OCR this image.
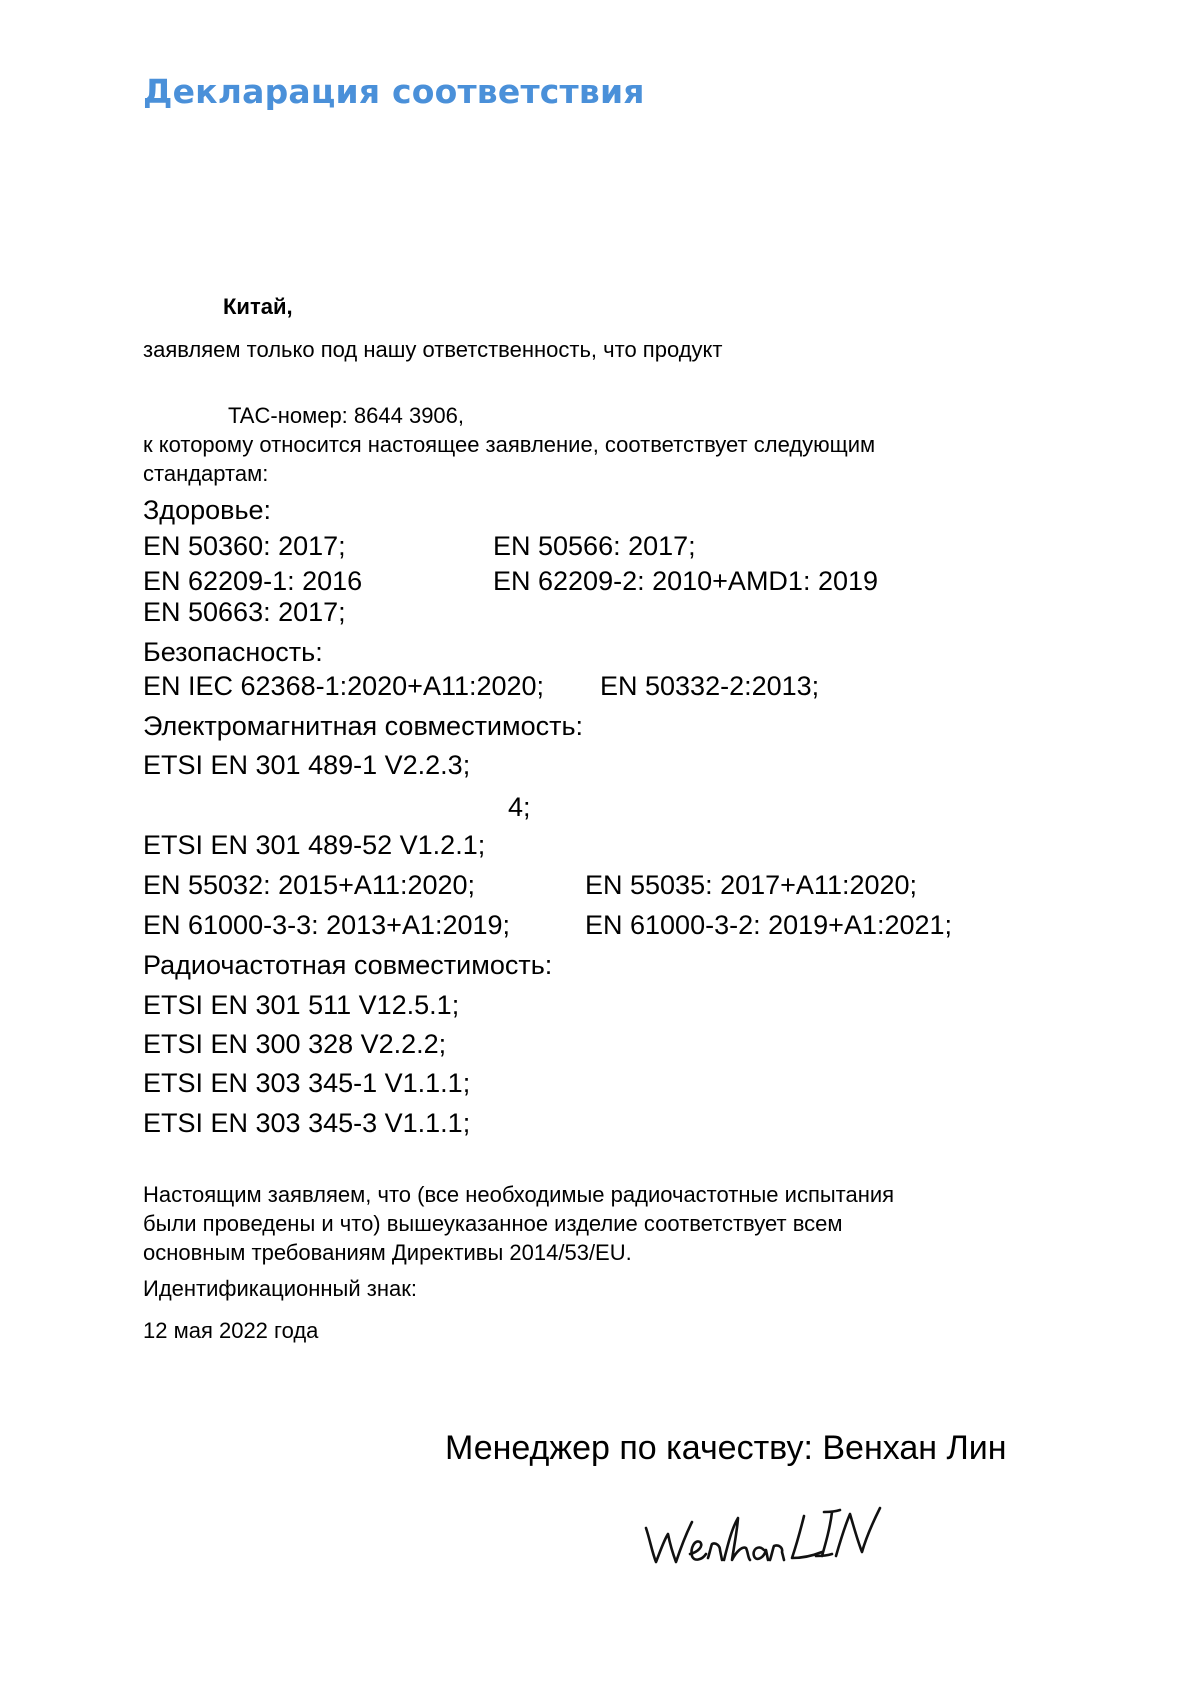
Декларация соответствия
Китай,
заявляем только под нашу ответственность, что продукт
TAC-номер: 8644 3906,
к которому относится настоящее заявление, соответствует следующим
стандартам:
Здоровье:
EN 50360: 2017;	EN 50566: 2017;
EN 62209-1: 2016	EN 62209-2: 2010+AMD1: 2019
EN 50663: 2017;
Безопасность:
EN IEC 62368-1:2020+A11:2020; EN 50332-2:2013;
Электромагнитная совместимость:
ETSI EN 301 489-1 V2.2.3;
4;
ETSI EN 301 489-52 V1.2.1;
EN 55032: 2015+A11:2020;	EN 55035: 2017+A11:2020;
EN 61000-3-3: 2013+A1:2019;	EN 61000-3-2: 2019+A1:2021;
Радиочастотная совместимость:
ETSI EN 301 511 V12.5.1;
ETSI EN 300 328 V2.2.2;
ETSI EN 303 345-1 V1.1.1;
ETSI EN 303 345-3 V1.1.1;
Настоящим заявляем, что (все необходимые радиочастотные испытания
были проведены и что) вышеуказанное изделие соответствует всем
основным требованиям Директивы 2014/53/EU.
Идентификационный знак:
12 мая 2022 года
Менеджер по качеству: Венхан Лин
